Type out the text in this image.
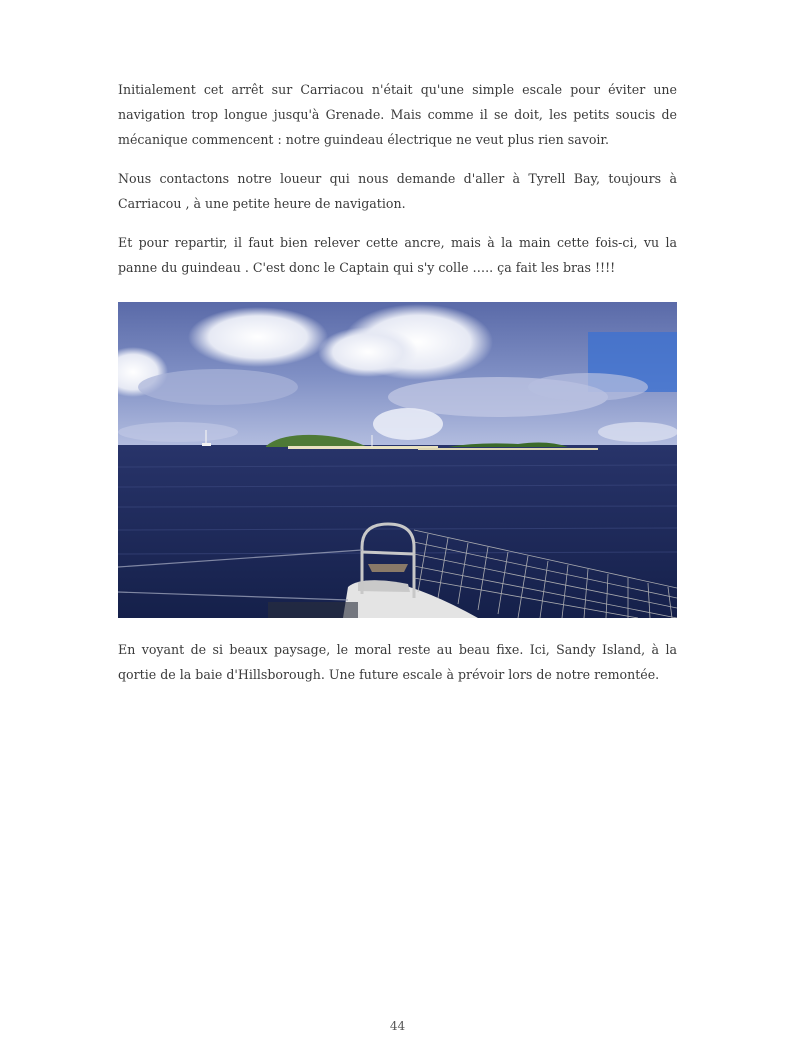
Initialement cet arrêt sur Carriacou n'était qu'une simple escale pour éviter une navigation trop longue jusqu'à Grenade. Mais comme il se doit, les petits soucis de mécanique commencent : notre guindeau électrique ne veut plus rien savoir.

Nous contactons notre loueur qui nous demande d'aller à Tyrell Bay, toujours à Carriacou , à une petite heure de navigation.

Et pour repartir, il faut bien relever cette ancre, mais à la main cette fois-ci, vu la panne du guindeau . C'est donc le Captain qui s'y colle ….. ça fait les bras !!!!

En voyant de si beaux paysage, le moral reste au beau fixe. Ici, Sandy Island, à la qortie de la baie d'Hillsborough. Une future escale à prévoir lors de notre remontée.

44
